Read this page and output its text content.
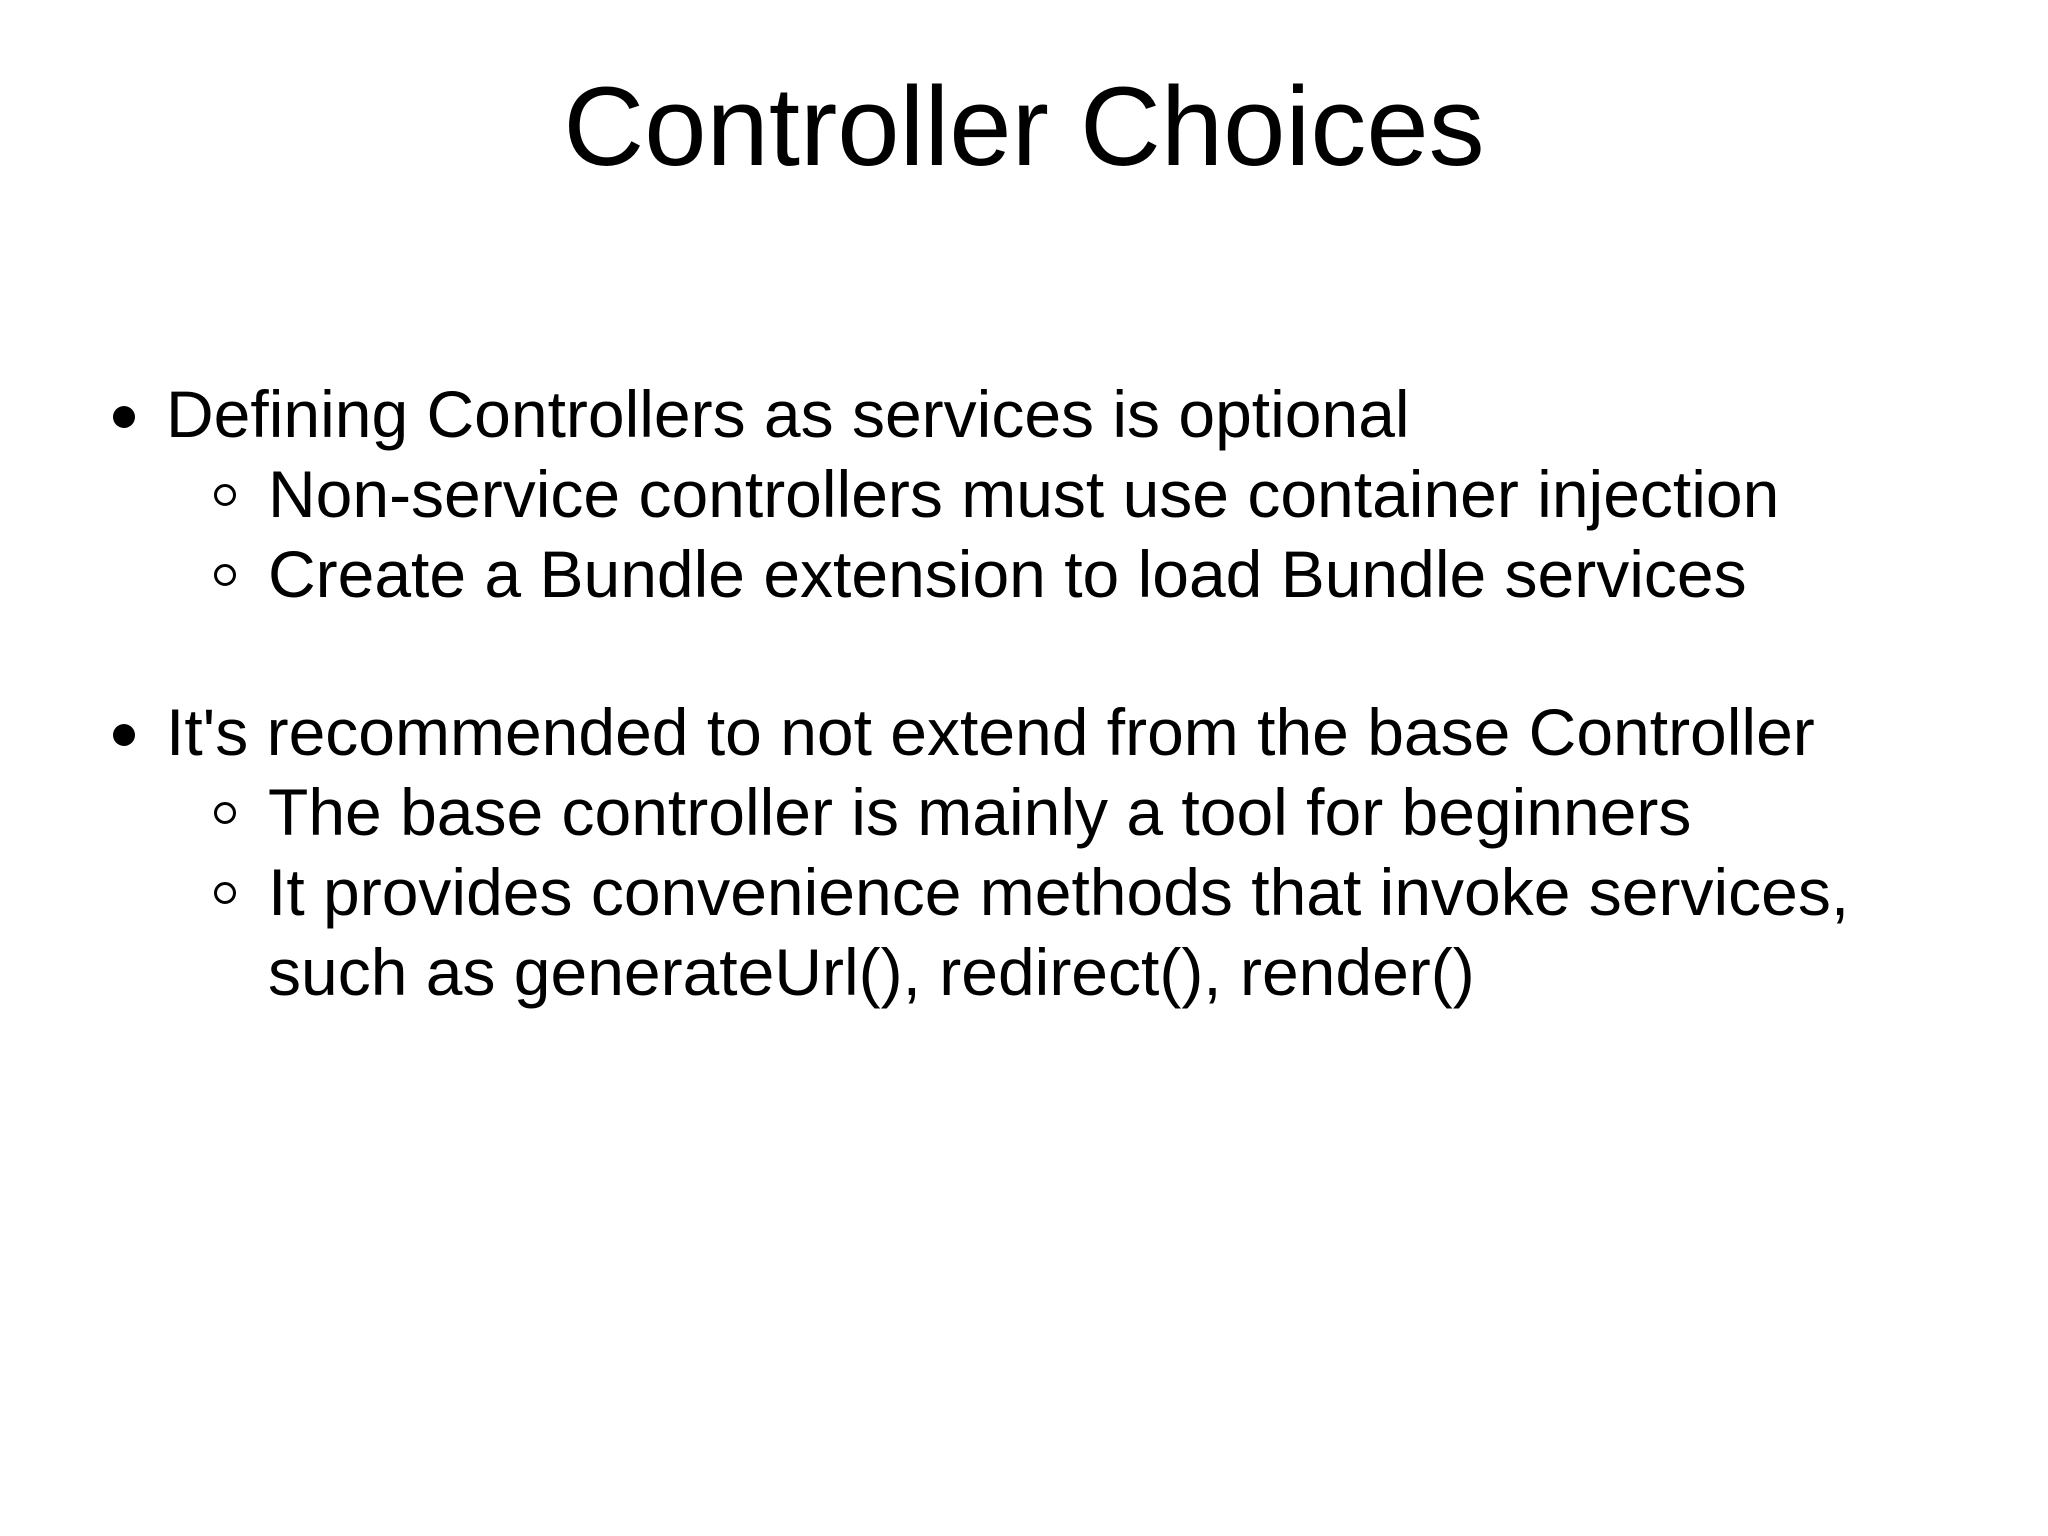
Controller Choices
Defining Controllers as services is optional
Non-service controllers must use container injection
Create a Bundle extension to load Bundle services
It's recommended to not extend from the base Controller
The base controller is mainly a tool for beginners
It provides convenience methods that invoke services,
such as generateUrl(), redirect(), render()
